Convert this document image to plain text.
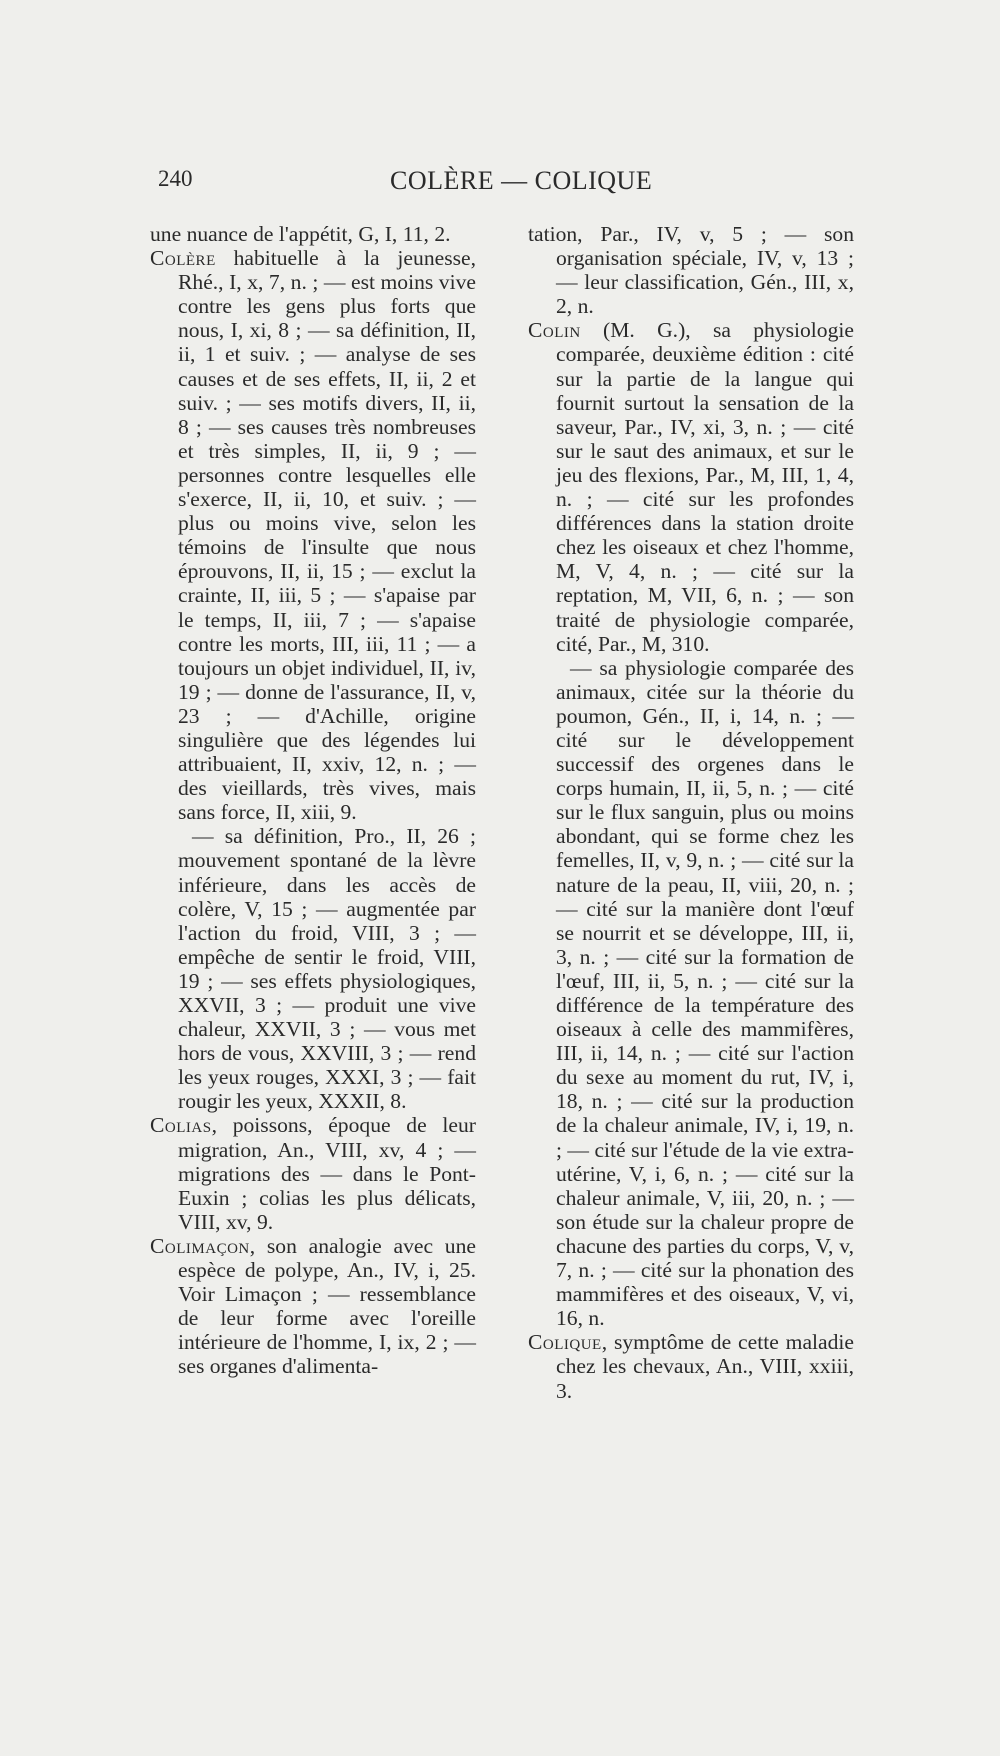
240	COLÈRE — COLIQUE

une nuance de l'appétit, G, I, 11, 2.

Colère habituelle à la jeunesse, Rhé., I, x, 7, n. ; — est moins vive contre les gens plus forts que nous, I, xi, 8 ; — sa définition, II, ii, 1 et suiv. ; — analyse de ses causes et de ses effets, II, ii, 2 et suiv. ; — ses motifs divers, II, ii, 8 ; — ses causes très nombreuses et très simples, II, ii, 9 ; — personnes contre lesquelles elle s'exerce, II, ii, 10, et suiv. ; — plus ou moins vive, selon les témoins de l'insulte que nous éprouvons, II, ii, 15 ; — exclut la crainte, II, iii, 5 ; — s'apaise par le temps, II, iii, 7 ; — s'apaise contre les morts, III, iii, 11 ; — a toujours un objet individuel, II, iv, 19 ; — donne de l'assurance, II, v, 23 ; — d'Achille, origine singulière que des légendes lui attribuaient, II, xxiv, 12, n. ; — des vieillards, très vives, mais sans force, II, xiii, 9.

— sa définition, Pro., II, 26 ; mouvement spontané de la lèvre inférieure, dans les accès de colère, V, 15 ; — augmentée par l'action du froid, VIII, 3 ; — empêche de sentir le froid, VIII, 19 ; — ses effets physiologiques, XXVII, 3 ; — produit une vive chaleur, XXVII, 3 ; — vous met hors de vous, XXVIII, 3 ; — rend les yeux rouges, XXXI, 3 ; — fait rougir les yeux, XXXII, 8.

Colias, poissons, époque de leur migration, An., VIII, xv, 4 ; — migrations des — dans le Pont-Euxin ; colias les plus délicats, VIII, xv, 9.

Colimaçon, son analogie avec une espèce de polype, An., IV, i, 25. Voir Limaçon ; — ressemblance de leur forme avec l'oreille intérieure de l'homme, I, ix, 2 ; — ses organes d'alimenta-

tation, Par., IV, v, 5 ; — son organisation spéciale, IV, v, 13 ; — leur classification, Gén., III, x, 2, n.

Colin (M. G.), sa physiologie comparée, deuxième édition : cité sur la partie de la langue qui fournit surtout la sensation de la saveur, Par., IV, xi, 3, n. ; — cité sur le saut des animaux, et sur le jeu des flexions, Par., M, III, 1, 4, n. ; — cité sur les profondes différences dans la station droite chez les oiseaux et chez l'homme, M, V, 4, n. ; — cité sur la reptation, M, VII, 6, n. ; — son traité de physiologie comparée, cité, Par., M, 310.

— sa physiologie comparée des animaux, citée sur la théorie du poumon, Gén., II, i, 14, n. ; — cité sur le développement successif des orgenes dans le corps humain, II, ii, 5, n. ; — cité sur le flux sanguin, plus ou moins abondant, qui se forme chez les femelles, II, v, 9, n. ; — cité sur la nature de la peau, II, viii, 20, n. ; — cité sur la manière dont l'œuf se nourrit et se développe, III, ii, 3, n. ; — cité sur la formation de l'œuf, III, ii, 5, n. ; — cité sur la différence de la température des oiseaux à celle des mammifères, III, ii, 14, n. ; — cité sur l'action du sexe au moment du rut, IV, i, 18, n. ; — cité sur la production de la chaleur animale, IV, i, 19, n. ; — cité sur l'étude de la vie extra-utérine, V, i, 6, n. ; — cité sur la chaleur animale, V, iii, 20, n. ; — son étude sur la chaleur propre de chacune des parties du corps, V, v, 7, n. ; — cité sur la phonation des mammifères et des oiseaux, V, vi, 16, n.

Colique, symptôme de cette maladie chez les chevaux, An., VIII, xxiii, 3.
